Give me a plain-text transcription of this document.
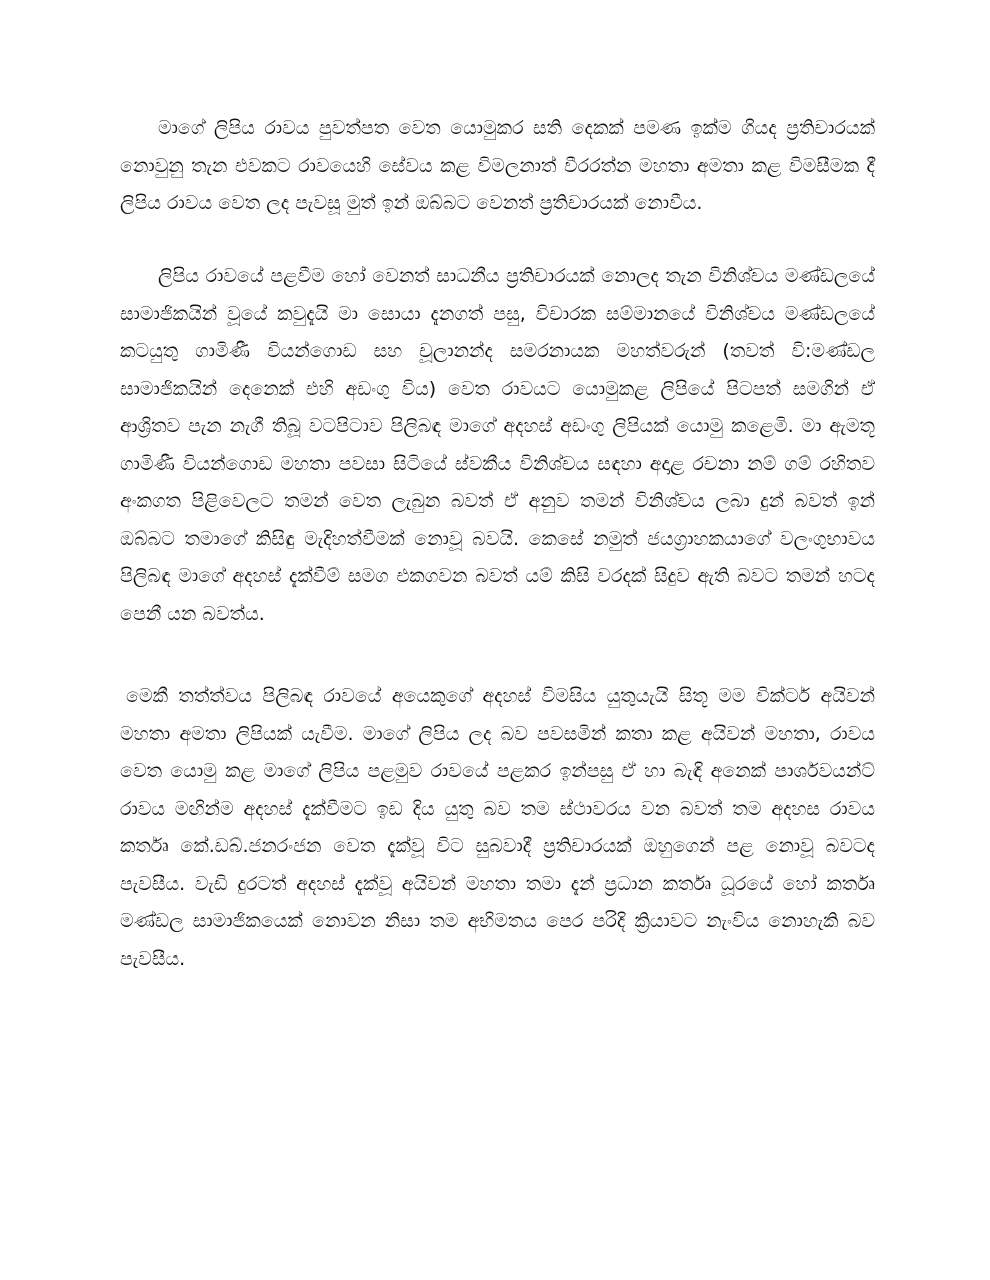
මාගේ ලිපිය රාවය පුවත්පත වෙත යොමුකර සති දෙකක් පමණ ඉක්ම ගියද ප්‍රතිචාරයක් නොවුනු තැන එවකට රාවයෙහි සේවය කළ විමලනාත් වීරරත්න මහතා අමතා කළ විමසීමක දී ලිපිය රාවය වෙත ලද පැවසූ මුත් ඉන් ඔබ්බට වෙනත් ප්‍රතිචාරයක් නොවීය.

ලිපිය රාවයේ පළවීම හෝ වෙනත් සාධනීය ප්‍රතිචාරයක් නොලද තැන විනිශ්චය මණ්ඩලයේ සාමාජිකයින් වූයේ කවුදැයි මා සොයා දැනගත් පසු, විචාරක සම්මානයේ විනිශ්චය මණ්ඩලයේ කටයුතු ගාමිණී වියන්ගොඩ සහ චූලානන්ද සමරනායක මහත්වරුන් (තවත් වි:මණ්ඩල සාමාජිකයින් දෙනෙක් එහි අඩංගු විය) වෙත රාවයට යොමුකළ ලිපියේ පිටපත් සමගින් ඒ ආශ්‍රිතව පැන නැගී තිබූ වටපිටාව පිලිබඳ මාගේ අදහස් අඩංගු ලිපියක් යොමු කළෙමි. මා ඇමතූ ගාමිණී වියන්ගොඩ මහතා පවසා සිටියේ ස්වකීය විනිශ්චය සඳහා අදාළ රචනා නම් ගම් රහිතව අංකගත පිළිවෙලට තමන් වෙත ලැබුන බවත් ඒ අනුව තමන් විනිශ්චය ලබා දුන් බවත් ඉන් ඔබ්බට තමාගේ කිසිඳු මැදිහත්වීමක් නොවූ බවයි. කෙසේ නමුත් ජයග්‍රාහකයාගේ වලංගුභාවය පිලිබඳ මාගේ අදහස් දැක්වීම් සමග එකගවන බවත් යම් කිසි වරදක් සිදුව ඇති බවට තමන් හටද පෙනී යන බවත්ය.

මෙකී තත්ත්වය පිලිබඳ රාවයේ අයෙකුගේ අදහස් විමසිය යුතුයැයි සිතූ මම වික්ටර් අයිවන් මහතා අමතා ලිපියක් යැවීම. මාගේ ලිපිය ලද බව පවසමින් කතා කළ අයිවන් මහතා, රාවය වෙත යොමු කළ මාගේ ලිපිය පළමුව රාවයේ පළකර ඉන්පසු ඒ හා බැඳි අනෙක් පාර්ශවයන්ට් රාවය මඟින්ම අදහස් දැක්වීමට ඉඩ දිය යුතු බව තම ස්ථාවරය වන බවත් තම අදහස රාවය කර්තෘ කේ.ඩබ්.ජනරංජන වෙත දැක්වූ විට සුබවාදී ප්‍රතිචාරයක් ඔහුගෙන් පළ නොවූ බවටද පැවසීය. වැඩි දුරටත් අදහස් දැක්වූ අයිවන් මහතා තමා දැන් ප්‍රධාන කර්තෘ ධූරයේ හෝ කර්තෘ මණ්ඩල සාමාජිකයෙක් නොවන නිසා තම අභිමතය පෙර පරිදි ක්‍රියාවට නැංවිය නොහැකි බව පැවසීය.
